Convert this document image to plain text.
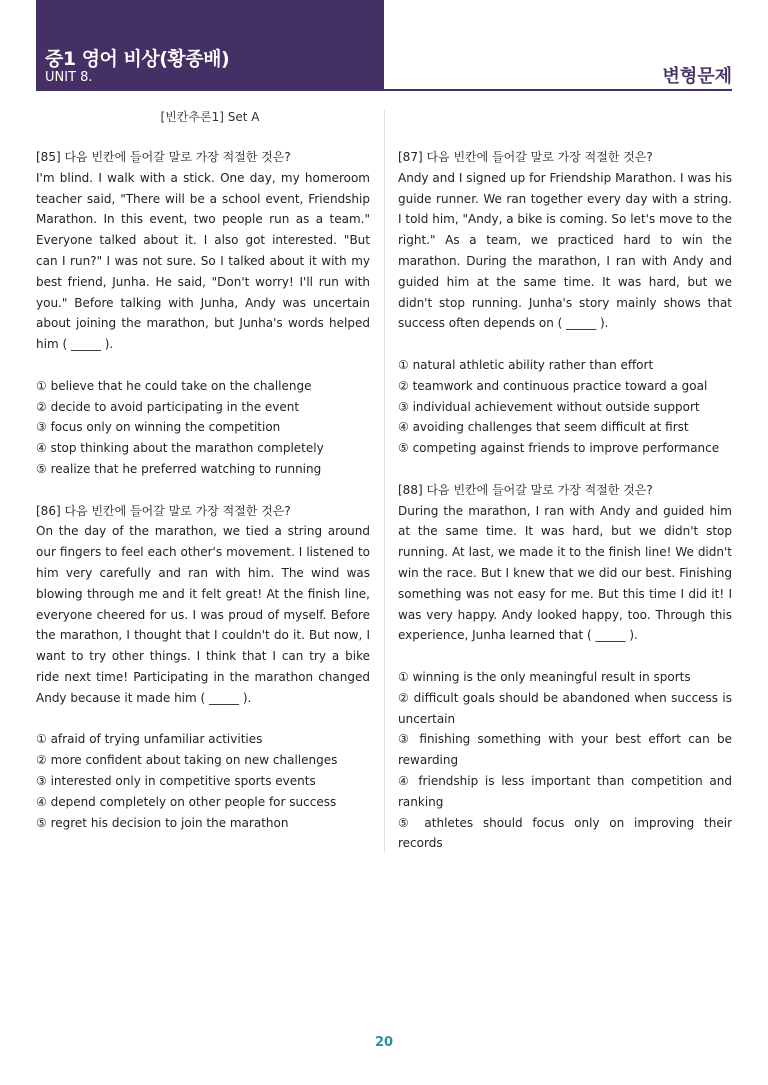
중1 영어 비상(황종배)
UNIT 8.	변형문제
[빈칸추론1] Set A
[85] 다음 빈칸에 들어갈 말로 가장 적절한 것은?
I'm blind. I walk with a stick. One day, my homeroom teacher said, "There will be a school event, Friendship Marathon. In this event, two people run as a team." Everyone talked about it. I also got interested. "But can I run?" I was not sure. So I talked about it with my best friend, Junha. He said, "Don't worry! I'll run with you." Before talking with Junha, Andy was uncertain about joining the marathon, but Junha's words helped him ( _____ ).
① believe that he could take on the challenge
② decide to avoid participating in the event
③ focus only on winning the competition
④ stop thinking about the marathon completely
⑤ realize that he preferred watching to running
[86] 다음 빈칸에 들어갈 말로 가장 적절한 것은?
On the day of the marathon, we tied a string around our fingers to feel each other's movement. I listened to him very carefully and ran with him. The wind was blowing through me and it felt great! At the finish line, everyone cheered for us. I was proud of myself. Before the marathon, I thought that I couldn't do it. But now, I want to try other things. I think that I can try a bike ride next time! Participating in the marathon changed Andy because it made him ( _____ ).
① afraid of trying unfamiliar activities
② more confident about taking on new challenges
③ interested only in competitive sports events
④ depend completely on other people for success
⑤ regret his decision to join the marathon
[87] 다음 빈칸에 들어갈 말로 가장 적절한 것은?
Andy and I signed up for Friendship Marathon. I was his guide runner. We ran together every day with a string. I told him, "Andy, a bike is coming. So let's move to the right." As a team, we practiced hard to win the marathon. During the marathon, I ran with Andy and guided him at the same time. It was hard, but we didn't stop running. Junha's story mainly shows that success often depends on ( _____ ).
① natural athletic ability rather than effort
② teamwork and continuous practice toward a goal
③ individual achievement without outside support
④ avoiding challenges that seem difficult at first
⑤ competing against friends to improve performance
[88] 다음 빈칸에 들어갈 말로 가장 적절한 것은?
During the marathon, I ran with Andy and guided him at the same time. It was hard, but we didn't stop running. At last, we made it to the finish line! We didn't win the race. But I knew that we did our best. Finishing something was not easy for me. But this time I did it! I was very happy. Andy looked happy, too. Through this experience, Junha learned that ( _____ ).
① winning is the only meaningful result in sports
② difficult goals should be abandoned when success is uncertain
③ finishing something with your best effort can be rewarding
④ friendship is less important than competition and ranking
⑤ athletes should focus only on improving their records
20
